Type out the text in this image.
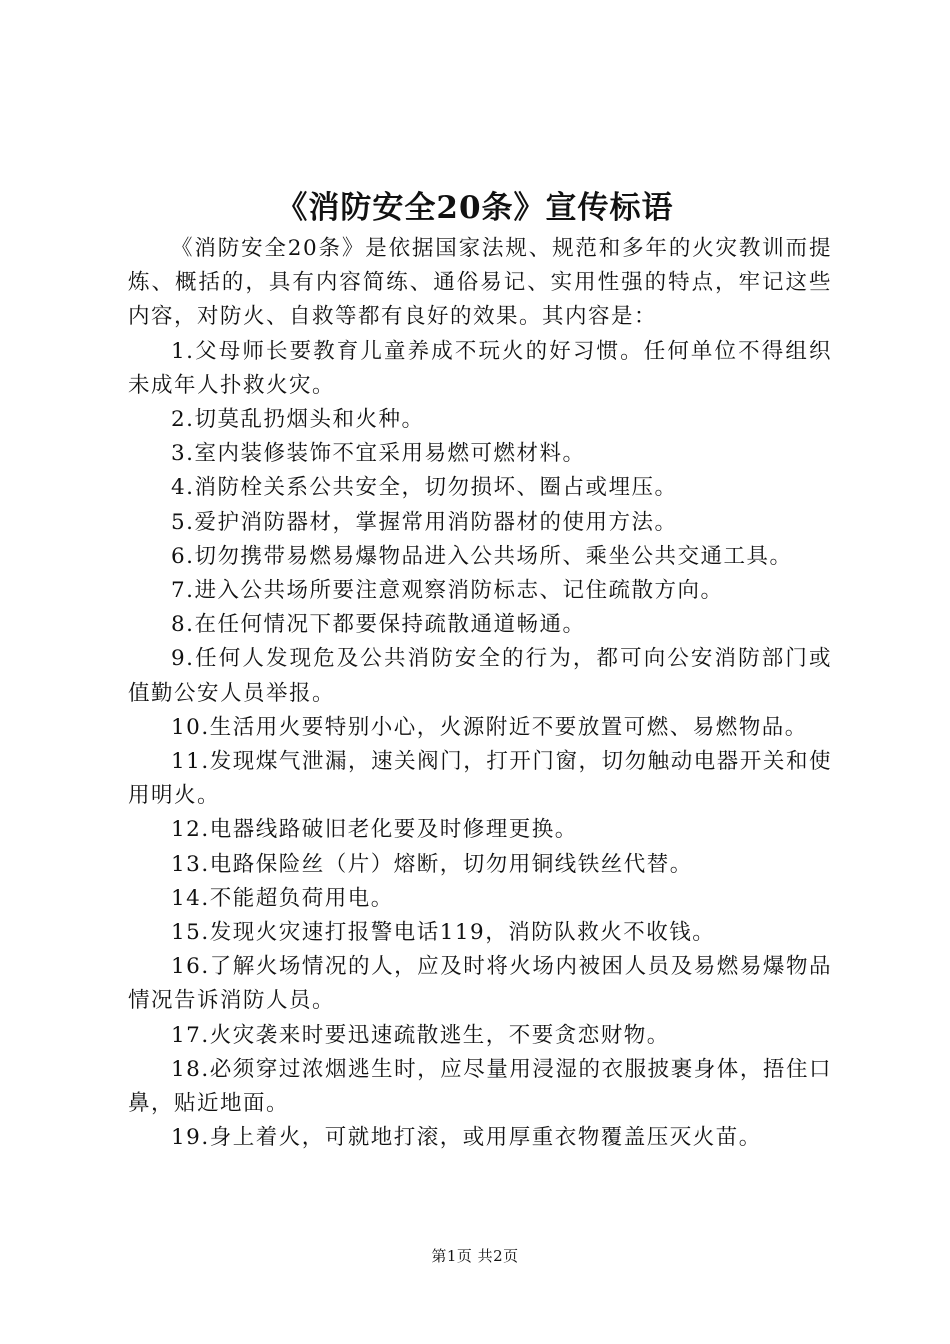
《消防安全20条》宣传标语

《消防安全20条》是依据国家法规、规范和多年的火灾教训而提炼、概括的，具有内容简练、通俗易记、实用性强的特点，牢记这些内容，对防火、自救等都有良好的效果。其内容是：

1.父母师长要教育儿童养成不玩火的好习惯。任何单位不得组织未成年人扑救火灾。

2.切莫乱扔烟头和火种。

3.室内装修装饰不宜采用易燃可燃材料。

4.消防栓关系公共安全，切勿损坏、圈占或埋压。

5.爱护消防器材，掌握常用消防器材的使用方法。

6.切勿携带易燃易爆物品进入公共场所、乘坐公共交通工具。

7.进入公共场所要注意观察消防标志、记住疏散方向。

8.在任何情况下都要保持疏散通道畅通。

9.任何人发现危及公共消防安全的行为，都可向公安消防部门或值勤公安人员举报。

10.生活用火要特别小心，火源附近不要放置可燃、易燃物品。

11.发现煤气泄漏，速关阀门，打开门窗，切勿触动电器开关和使用明火。

12.电器线路破旧老化要及时修理更换。

13.电路保险丝（片）熔断，切勿用铜线铁丝代替。

14.不能超负荷用电。

15.发现火灾速打报警电话119，消防队救火不收钱。

16.了解火场情况的人，应及时将火场内被困人员及易燃易爆物品情况告诉消防人员。

17.火灾袭来时要迅速疏散逃生，不要贪恋财物。

18.必须穿过浓烟逃生时，应尽量用浸湿的衣服披裹身体，捂住口鼻，贴近地面。

19.身上着火，可就地打滚，或用厚重衣物覆盖压灭火苗。

第1页 共2页
